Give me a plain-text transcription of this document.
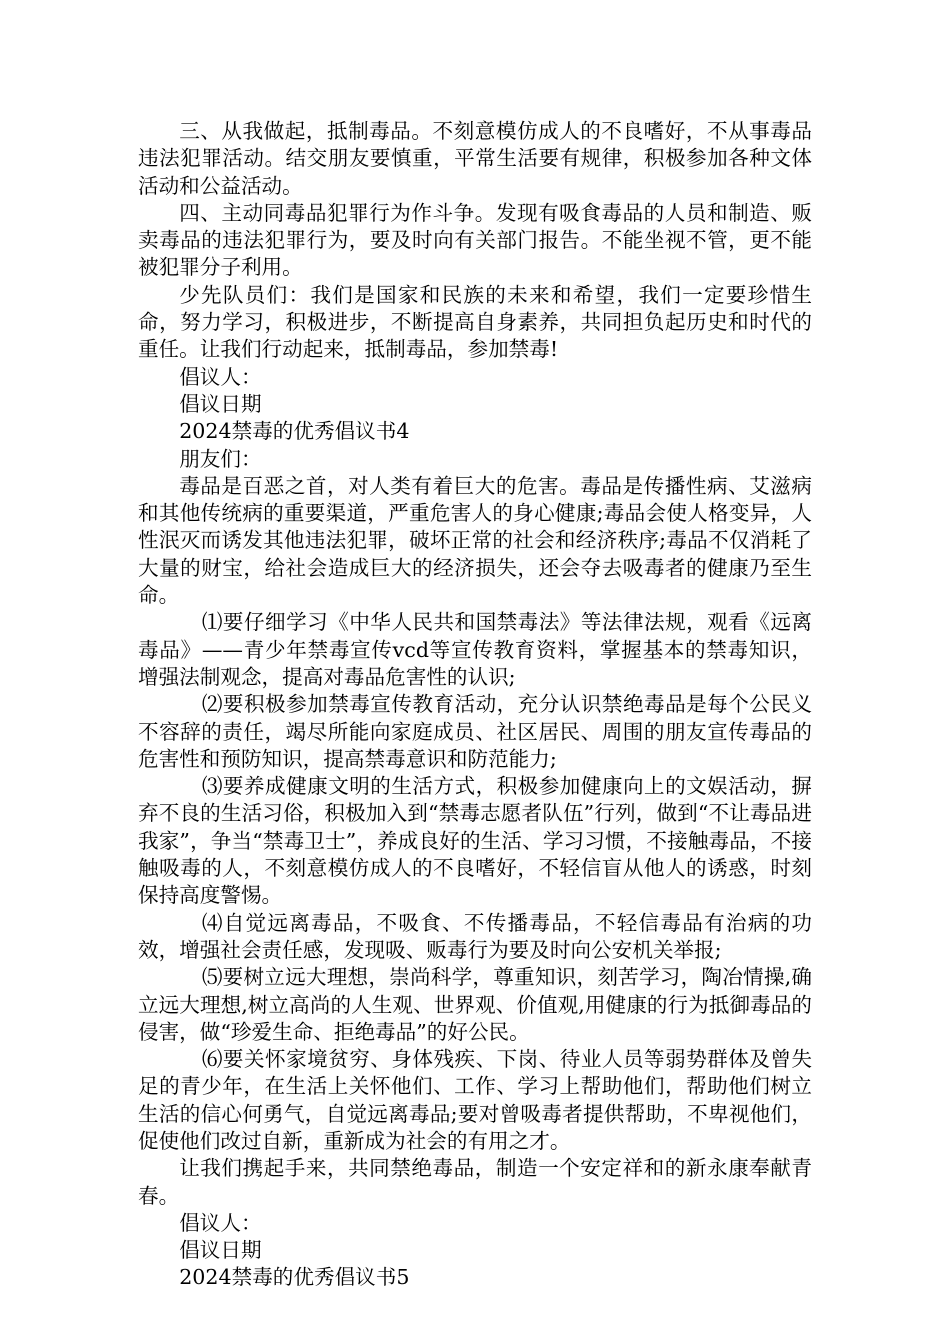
三、从我做起，抵制毒品。不刻意模仿成人的不良嗜好，不从事毒品违法犯罪活动。结交朋友要慎重，平常生活要有规律，积极参加各种文体活动和公益活动。

四、主动同毒品犯罪行为作斗争。发现有吸食毒品的人员和制造、贩卖毒品的违法犯罪行为，要及时向有关部门报告。不能坐视不管，更不能被犯罪分子利用。

少先队员们：我们是国家和民族的未来和希望，我们一定要珍惜生命，努力学习，积极进步，不断提高自身素养，共同担负起历史和时代的重任。让我们行动起来，抵制毒品，参加禁毒!

倡议人：

倡议日期

2024禁毒的优秀倡议书4

朋友们：

毒品是百恶之首，对人类有着巨大的危害。毒品是传播性病、艾滋病和其他传统病的重要渠道，严重危害人的身心健康;毒品会使人格变异，人性泯灭而诱发其他违法犯罪，破坏正常的社会和经济秩序;毒品不仅消耗了大量的财宝，给社会造成巨大的经济损失，还会夺去吸毒者的健康乃至生命。

⑴要仔细学习《中华人民共和国禁毒法》等法律法规，观看《远离毒品》——青少年禁毒宣传vcd等宣传教育资料，掌握基本的禁毒知识，增强法制观念，提高对毒品危害性的认识;

⑵要积极参加禁毒宣传教育活动，充分认识禁绝毒品是每个公民义不容辞的责任，竭尽所能向家庭成员、社区居民、周围的朋友宣传毒品的危害性和预防知识，提高禁毒意识和防范能力;

⑶要养成健康文明的生活方式，积极参加健康向上的文娱活动，摒弃不良的生活习俗，积极加入到“禁毒志愿者队伍”行列，做到“不让毒品进我家”，争当“禁毒卫士”，养成良好的生活、学习习惯，不接触毒品，不接触吸毒的人，不刻意模仿成人的不良嗜好，不轻信盲从他人的诱惑，时刻保持高度警惕。

⑷自觉远离毒品，不吸食、不传播毒品，不轻信毒品有治病的功效，增强社会责任感，发现吸、贩毒行为要及时向公安机关举报;

⑸要树立远大理想，崇尚科学，尊重知识，刻苦学习，陶冶情操,确立远大理想,树立高尚的人生观、世界观、价值观,用健康的行为抵御毒品的侵害，做“珍爱生命、拒绝毒品”的好公民。

⑹要关怀家境贫穷、身体残疾、下岗、待业人员等弱势群体及曾失足的青少年，在生活上关怀他们、工作、学习上帮助他们，帮助他们树立生活的信心何勇气，自觉远离毒品;要对曾吸毒者提供帮助，不卑视他们，促使他们改过自新，重新成为社会的有用之才。

让我们携起手来，共同禁绝毒品，制造一个安定祥和的新永康奉献青春。

倡议人：

倡议日期

2024禁毒的优秀倡议书5
